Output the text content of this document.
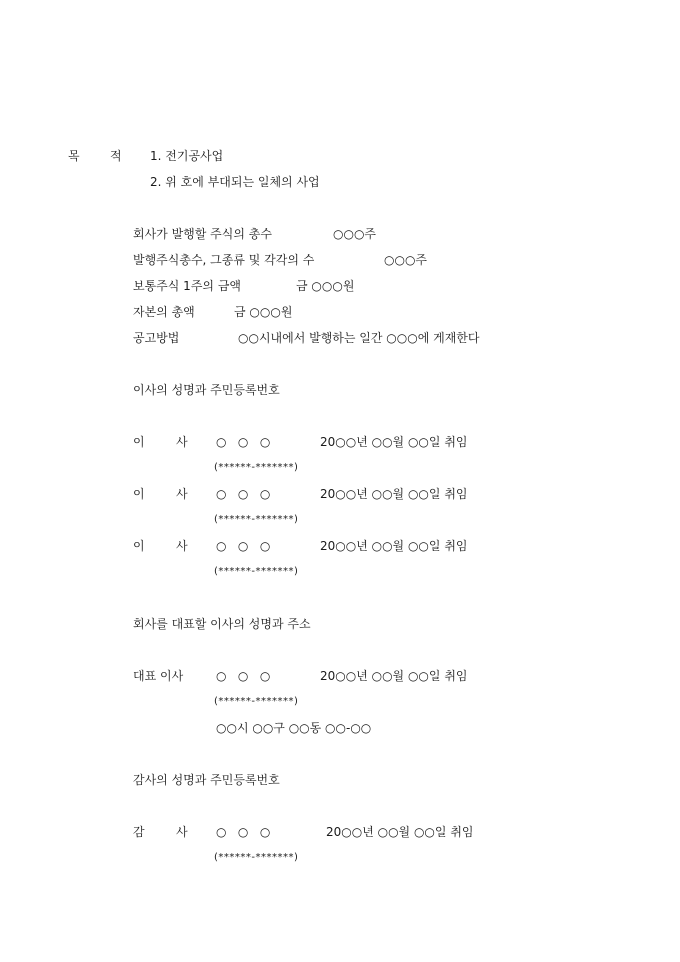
목	적 1. 전기공사업
2. 위 호에 부대되는 일체의 사업
회사가 발행할 주식의 총수	○○○주
발행주식총수, 그종류 및 각각의 수	○○○주
보통주식 1주의 금액	금 ○○○원
자본의 총액	금 ○○○원
공고방법	○○시내에서 발행하는 일간 ○○○에 게재한다
이사의 성명과 주민등록번호
이	사 ○   ○   ○	20○○년 ○○월 ○○일 취임
(******-*******)
이	사 ○   ○   ○	20○○년 ○○월 ○○일 취임
(******-*******)
이	사 ○   ○   ○	20○○년 ○○월 ○○일 취임
(******-*******)
회사를 대표할 이사의 성명과 주소
대표 이사	○   ○   ○	20○○년 ○○월 ○○일 취임
(******-*******)
○○시 ○○구 ○○동 ○○-○○
감사의 성명과 주민등록번호
감	사 ○   ○   ○	20○○년 ○○월 ○○일 취임
(******-*******)
